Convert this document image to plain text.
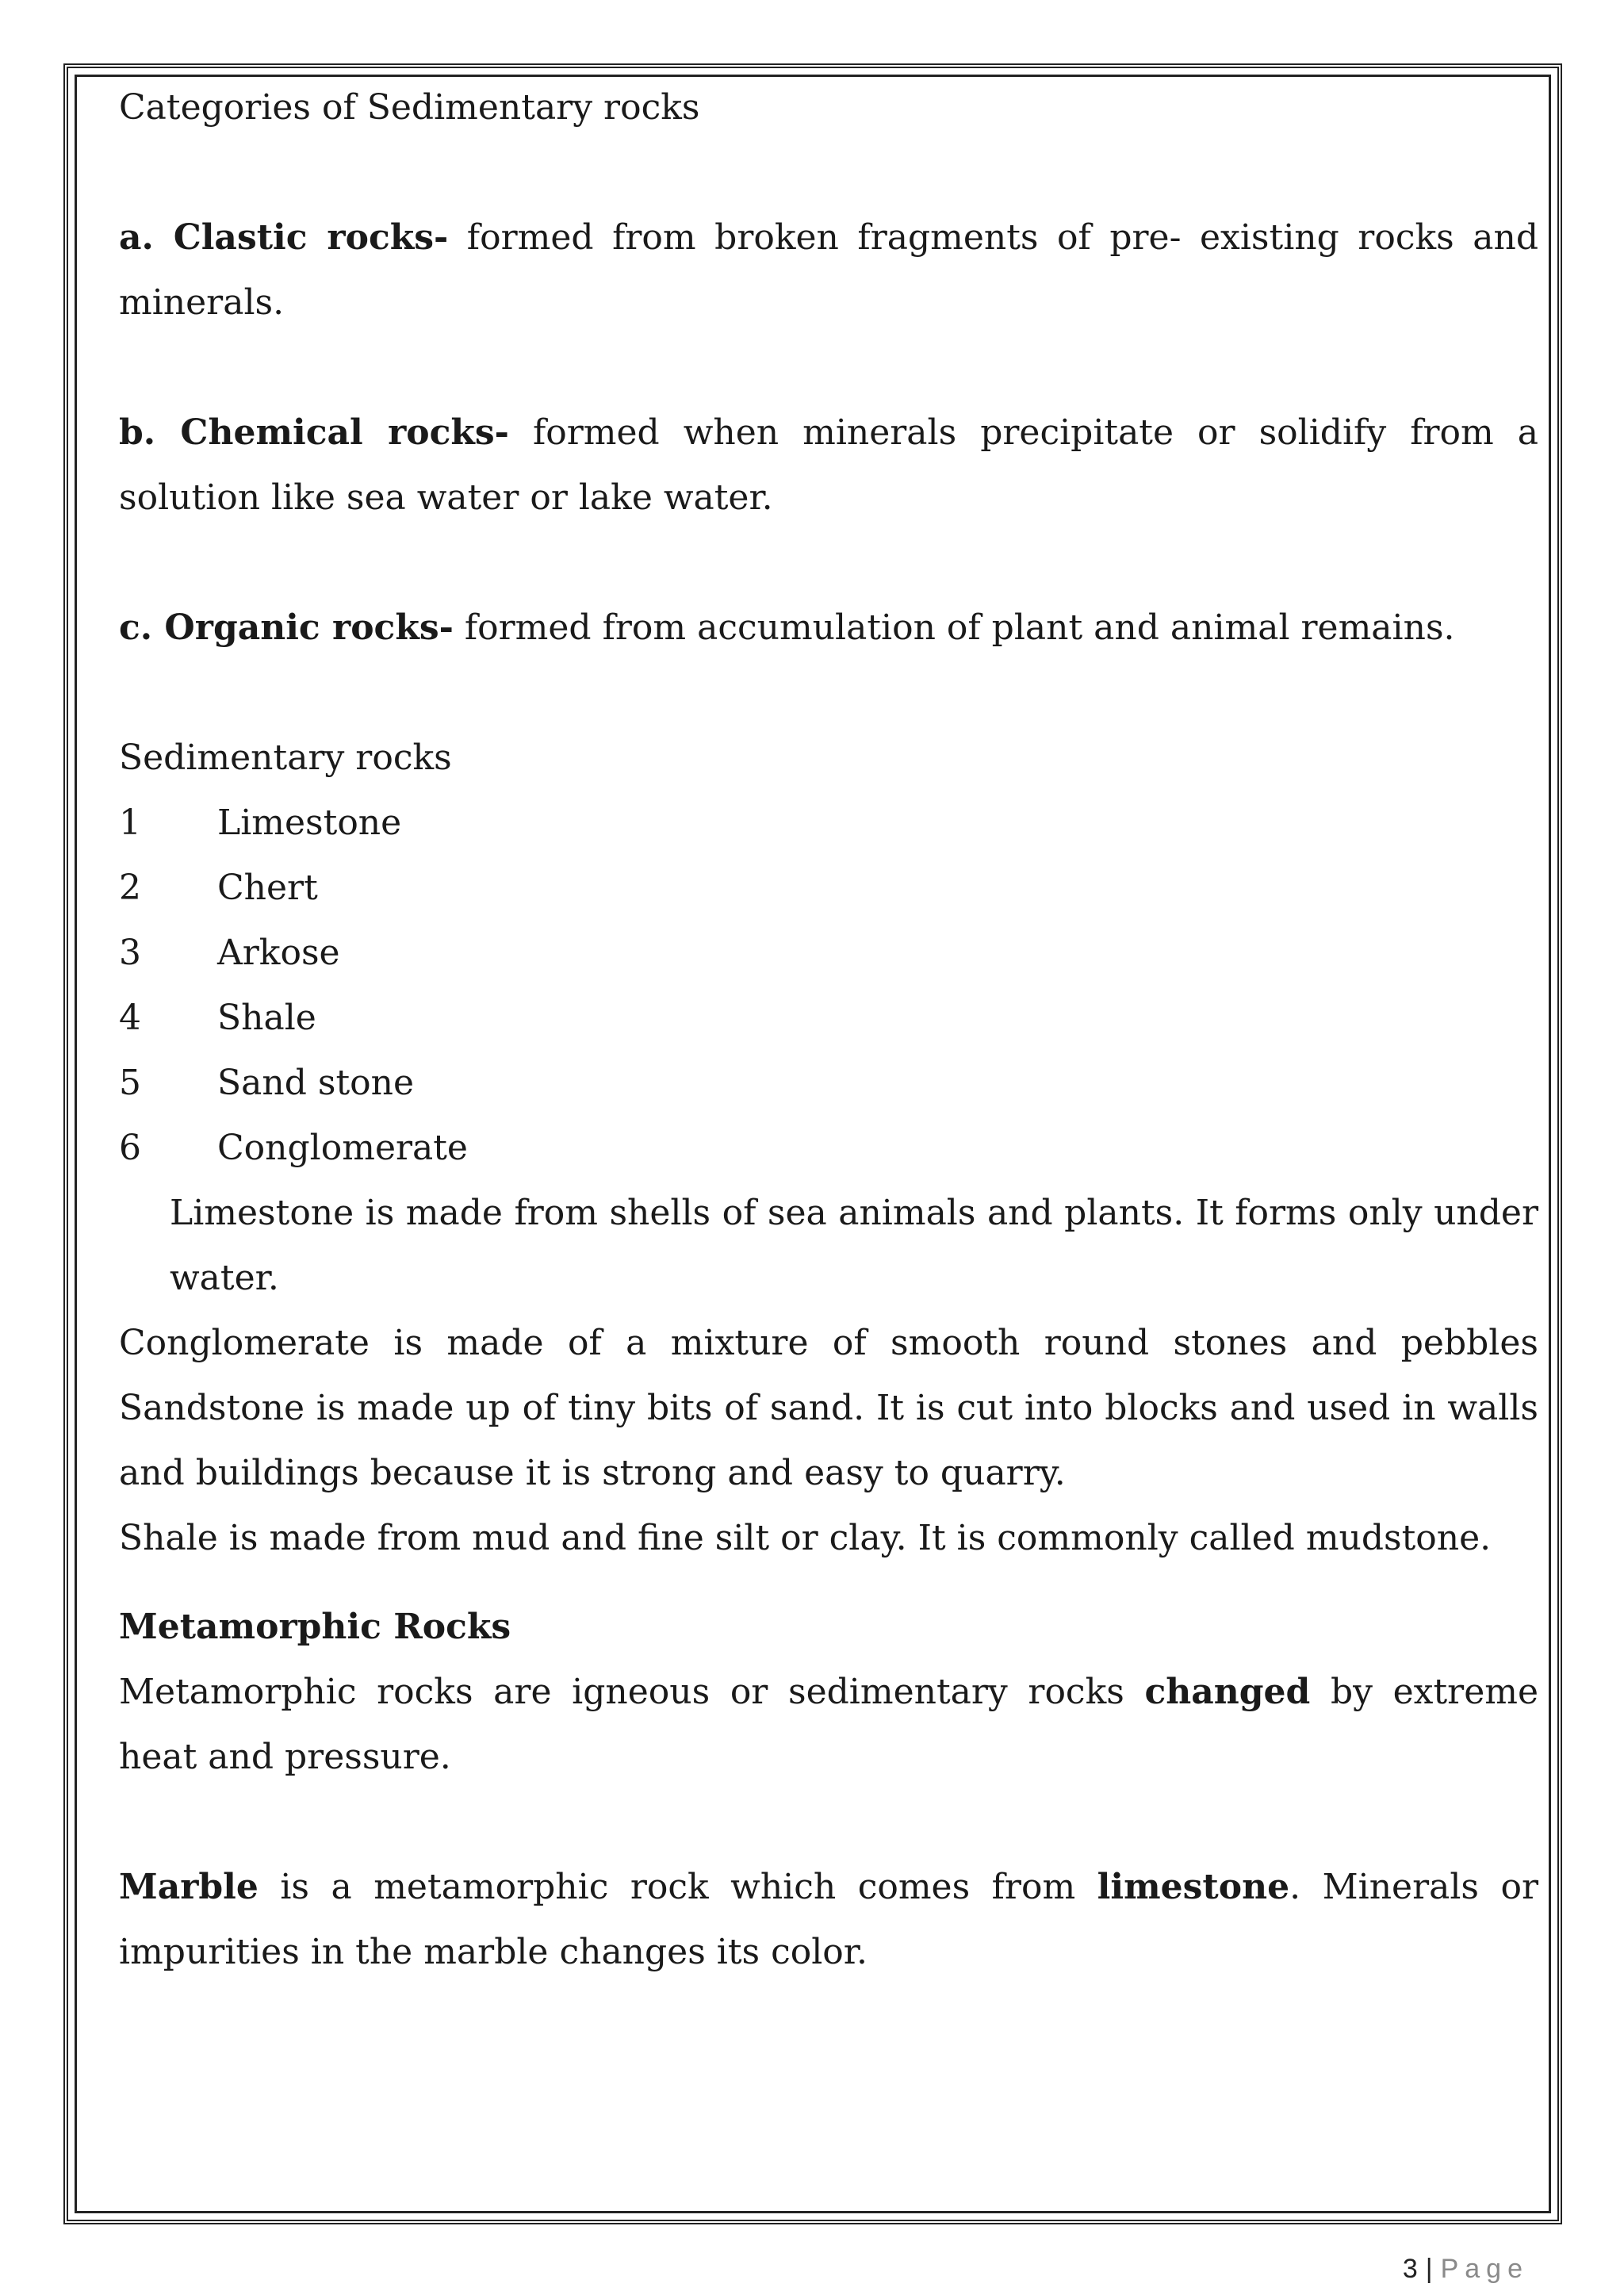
Categories of Sedimentary rocks

a. Clastic rocks- formed from broken fragments of pre- existing rocks and minerals.

b. Chemical rocks- formed when minerals precipitate or solidify from a solution like sea water or lake water.

c. Organic rocks- formed from accumulation of plant and animal remains.

Sedimentary rocks

1	Limestone
2	Chert
3	Arkose
4	Shale
5	Sand stone
6	Conglomerate

Limestone is made from shells of sea animals and plants. It forms only under water.

Conglomerate is made of a mixture of smooth round stones and pebbles Sandstone is made up of tiny bits of sand. It is cut into blocks and used in walls and buildings because it is strong and easy to quarry.

Shale is made from mud and fine silt or clay. It is commonly called mudstone.

Metamorphic Rocks

Metamorphic rocks are igneous or sedimentary rocks changed by extreme heat and pressure.

Marble is a metamorphic rock which comes from limestone. Minerals or impurities in the marble changes its color.

3 | Page
